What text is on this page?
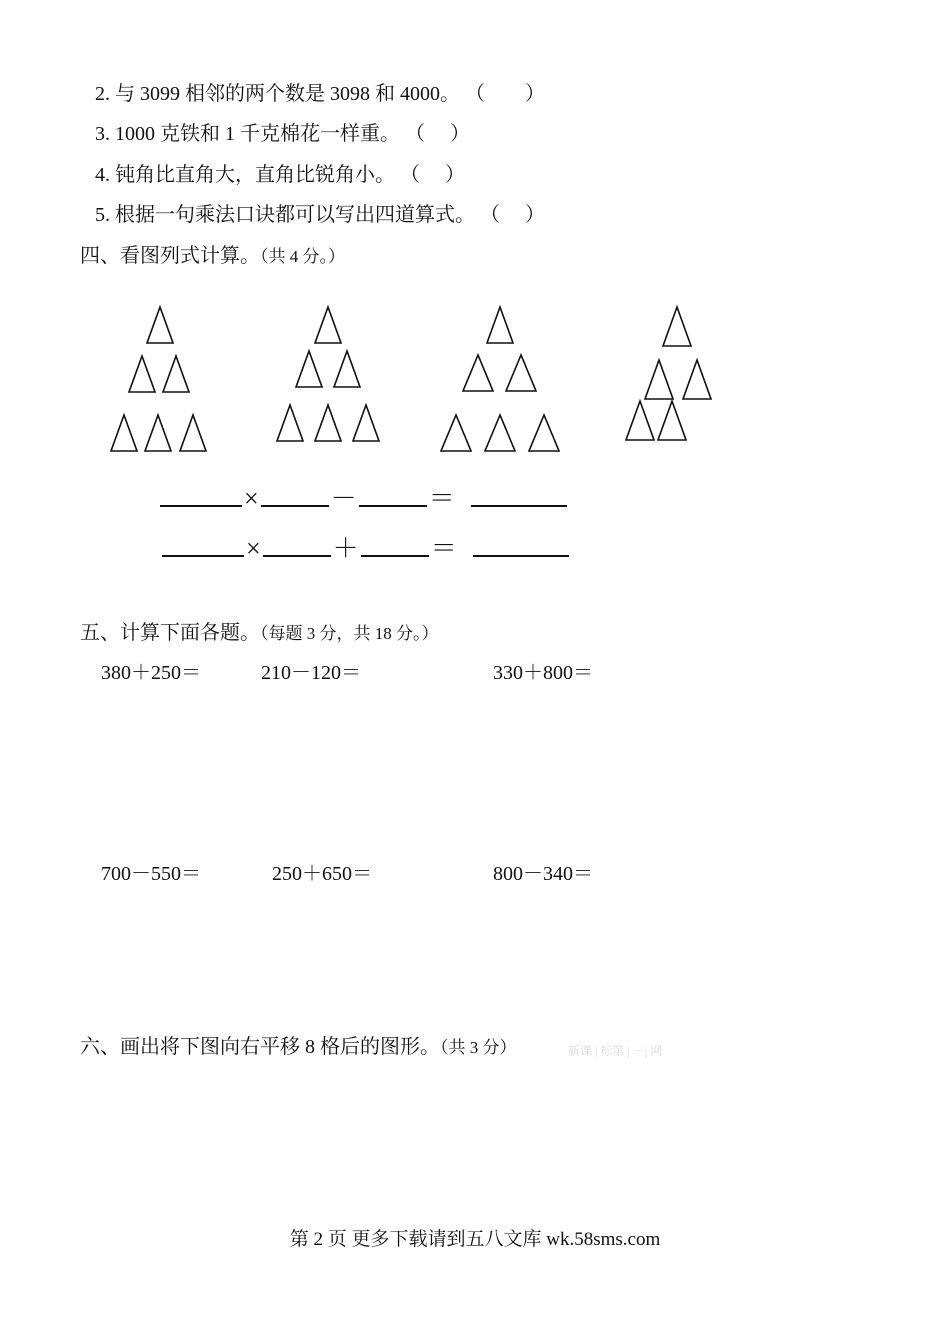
2. 与 3099 相邻的两个数是 3098 和 4000。 （　　）
3. 1000 克铁和 1 千克棉花一样重。 （　 ）
4. 钝角比直角大，直角比锐角小。 （　 ）
5. 根据一句乘法口诀都可以写出四道算式。 （　 ）
四、看图列式计算。（共 4 分。）
×	－	＝
×	＋	＝
五、计算下面各题。（每题 3 分，共 18 分。）
380＋250＝	210－120＝	330＋800＝
700－550＝	250＋650＝	800－340＝
六、画出将下图向右平移 8 格后的图形。（共 3 分）	新课 | 标第 | 一| 网
第 2 页 更多下载请到五八文库 wk.58sms.com
